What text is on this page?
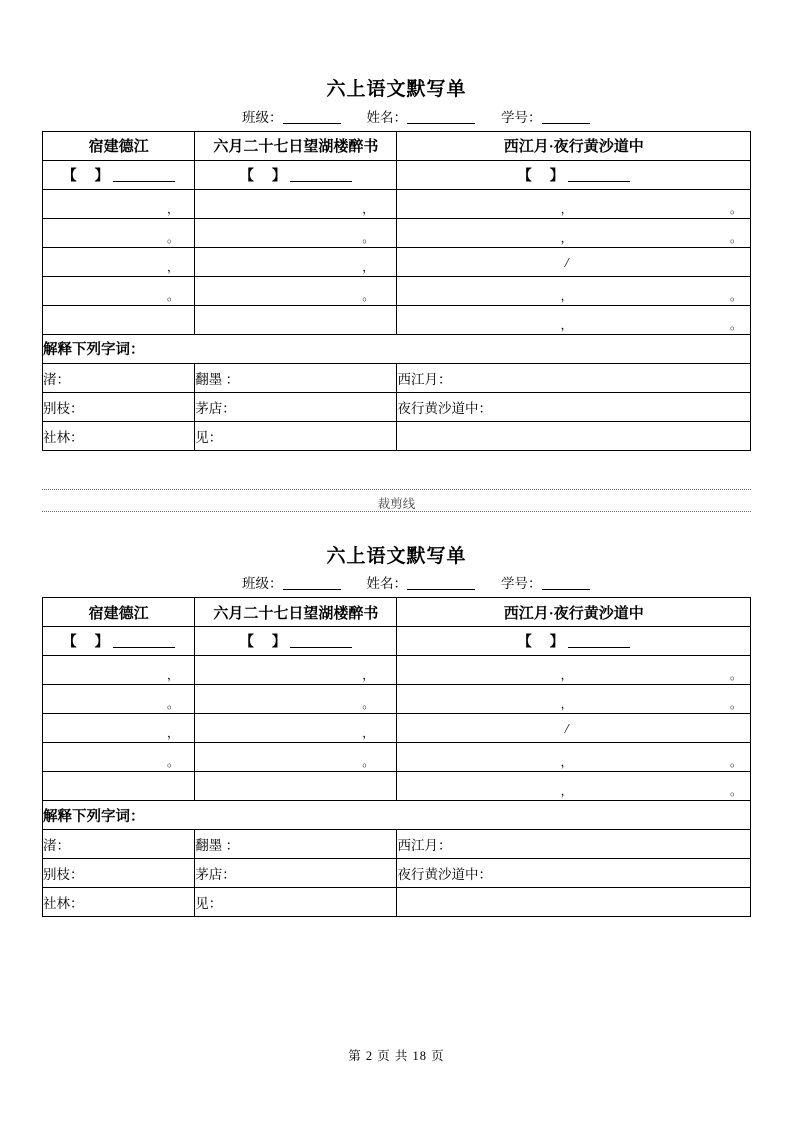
六上语文默写单
班级：	姓名：	学号：
宿建德江	六月二十七日望湖楼醉书	西江月·夜行黄沙道中
【　】	【　】	【　】

，	，	， 。

。	。	， 。

，	，	/

。	。	， 。

		， 。

解释下列字词：		
渚：	翻墨 ：	西江月：
别枝：	茅店：	夜行黄沙道中：
社林：	见：	
裁剪线
六上语文默写单
班级：	姓名：	学号：
宿建德江	六月二十七日望湖楼醉书	西江月·夜行黄沙道中
【　】	【　】	【　】

，	，	， 。

。	。	， 。

，	，	/

。	。	， 。

		， 。

解释下列字词：		
渚：	翻墨 ：	西江月：
别枝：	茅店：	夜行黄沙道中：
社林：	见：	
第 2 页 共 18 页
